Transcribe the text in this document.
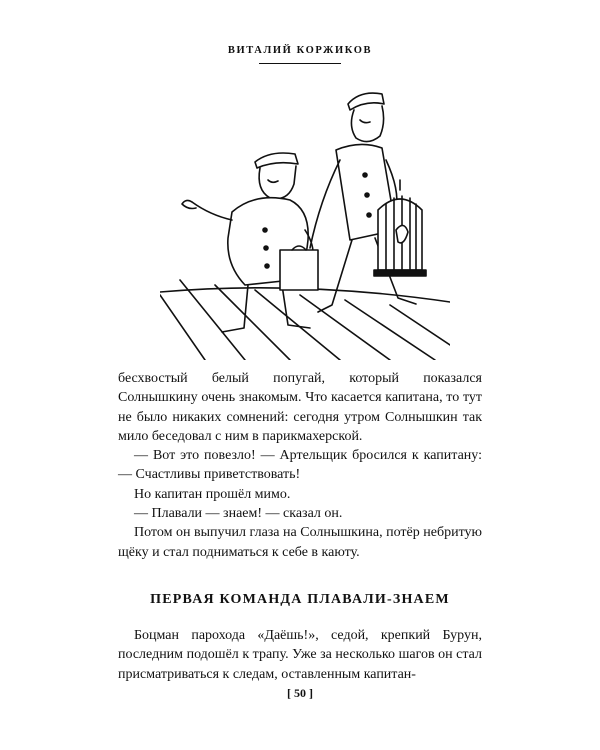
ВИТАЛИЙ КОРЖИКОВ

бесхвостый белый попугай, который показался Солнышкину очень знакомым. Что касается капитана, то тут не было никаких сомнений: сегодня утром Солнышкин так мило беседовал с ним в парикмахерской.

— Вот это повезло! — Артельщик бросился к капитану: — Счастливы приветствовать!

Но капитан прошёл мимо.

— Плавали — знаем! — сказал он.

Потом он выпучил глаза на Солнышкина, потёр небритую щёку и стал подниматься к себе в каюту.

ПЕРВАЯ КОМАНДА ПЛАВАЛИ-ЗНАЕМ

Боцман парохода «Даёшь!», седой, крепкий Бурун, последним подошёл к трапу. Уже за несколько шагов он стал присматриваться к следам, оставленным капитан-

[ 50 ]
